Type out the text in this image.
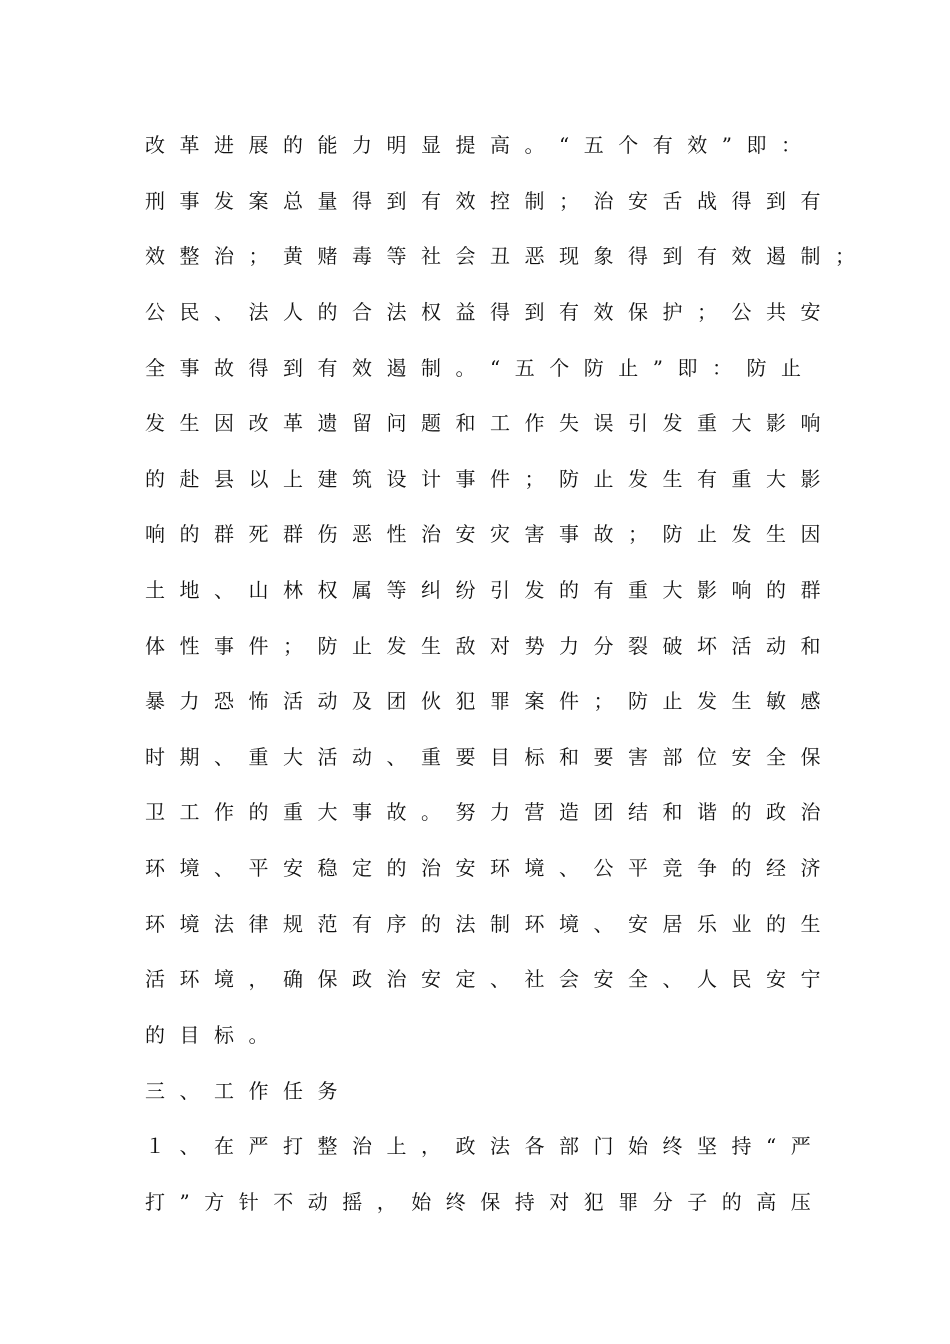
改革进展的能力明显提高。“五个有效”即：
刑事发案总量得到有效控制；治安舌战得到有
效整治；黄赌毒等社会丑恶现象得到有效遏制；
公民、法人的合法权益得到有效保护；公共安
全事故得到有效遏制。“五个防止”即：防止
发生因改革遗留问题和工作失误引发重大影响
的赴县以上建筑设计事件；防止发生有重大影
响的群死群伤恶性治安灾害事故；防止发生因
土地、山林权属等纠纷引发的有重大影响的群
体性事件；防止发生敌对势力分裂破坏活动和
暴力恐怖活动及团伙犯罪案件；防止发生敏感
时期、重大活动、重要目标和要害部位安全保
卫工作的重大事故。努力营造团结和谐的政治
环境、平安稳定的治安环境、公平竞争的经济
环境法律规范有序的法制环境、安居乐业的生
活环境，确保政治安定、社会安全、人民安宁
的目标。
三、工作任务
１、在严打整治上，政法各部门始终坚持“严
打”方针不动摇，始终保持对犯罪分子的高压
